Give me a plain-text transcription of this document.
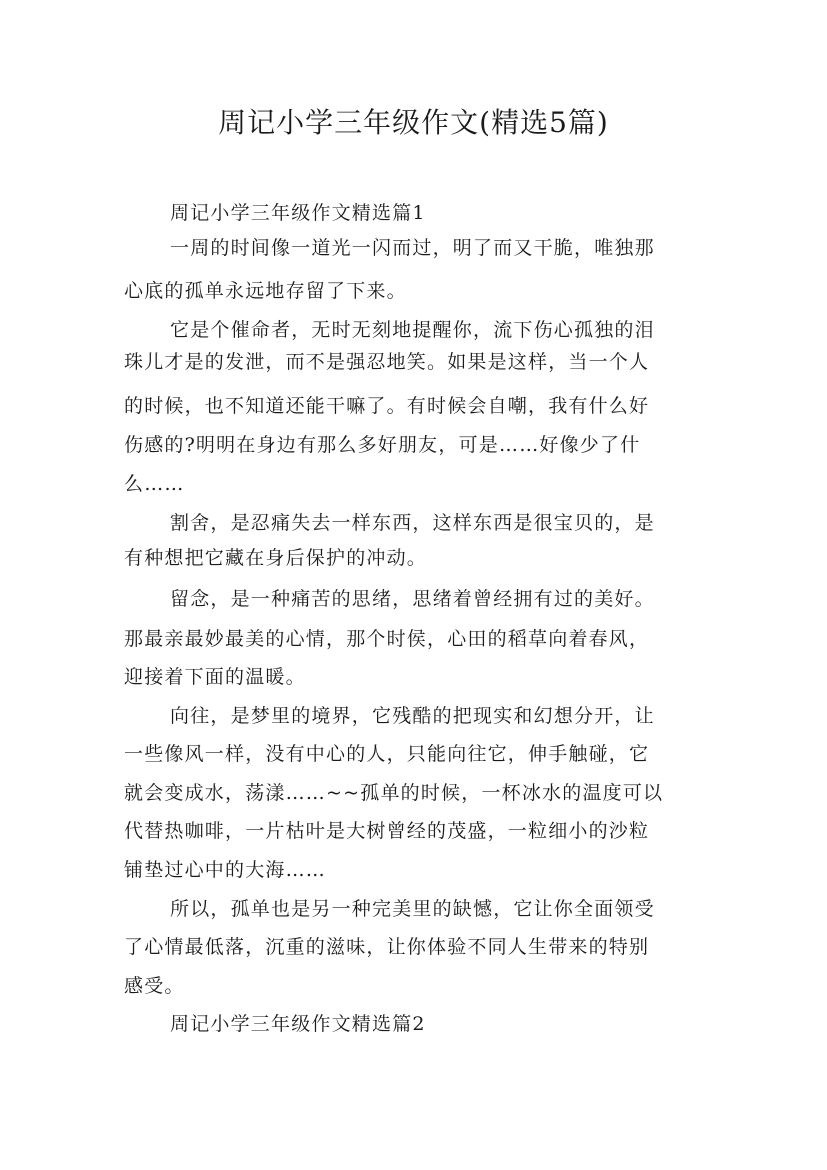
周记小学三年级作文(精选5篇)
周记小学三年级作文精选篇1
一周的时间像一道光一闪而过，明了而又干脆，唯独那
心底的孤单永远地存留了下来。
它是个催命者，无时无刻地提醒你，流下伤心孤独的泪
珠儿才是的发泄，而不是强忍地笑。如果是这样，当一个人
的时候，也不知道还能干嘛了。有时候会自嘲，我有什么好
伤感的?明明在身边有那么多好朋友，可是……好像少了什
么……
割舍，是忍痛失去一样东西，这样东西是很宝贝的，是
有种想把它藏在身后保护的冲动。
留念，是一种痛苦的思绪，思绪着曾经拥有过的美好。
那最亲最妙最美的心情，那个时侯，心田的稻草向着春风，
迎接着下面的温暖。
向往，是梦里的境界，它残酷的把现实和幻想分开，让
一些像风一样，没有中心的人，只能向往它，伸手触碰，它
就会变成水，荡漾……~~孤单的时候，一杯冰水的温度可以
代替热咖啡，一片枯叶是大树曾经的茂盛，一粒细小的沙粒
铺垫过心中的大海……
所以，孤单也是另一种完美里的缺憾，它让你全面领受
了心情最低落，沉重的滋味，让你体验不同人生带来的特别
感受。
周记小学三年级作文精选篇2
